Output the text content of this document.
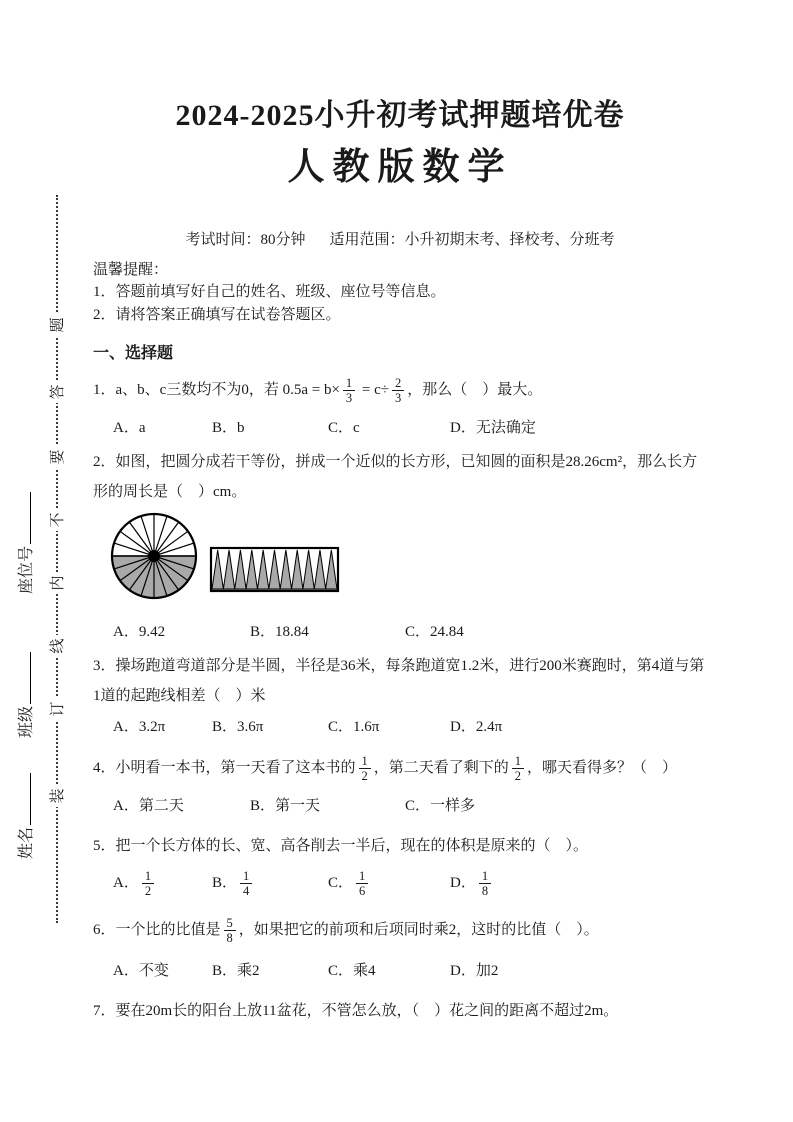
题
答
要
不
内
线
订
装
座位号
班级
姓名
2024-2025小升初考试押题培优卷
人教版数学
考试时间：80分钟 适用范围：小升初期末考、择校考、分班考
温馨提醒：
1．答题前填写好自己的姓名、班级、座位号等信息。
2．请将答案正确填写在试卷答题区。
一、选择题
1．a、b、c三数均不为0，若 $0.5a = b\times \frac{1}{3} = c\div \frac{2}{3}$ ，那么（　）最大。
A．a	B．b	C．c	D．无法确定
2．如图，把圆分成若干等份，拼成一个近似的长方形，已知圆的面积是28.26cm²，那么长方形的周长是（　）cm。
A．9.42	B．18.84	C．24.84
3．操场跑道弯道部分是半圆，半径是36米，每条跑道宽1.2米，进行200米赛跑时，第4道与第1道的起跑线相差（　）米
A．3.2π	B．3.6π	C．1.6π	D．2.4π
4．小明看一本书，第一天看了这本书的 $\frac{1}{2}$ ，第二天看了剩下的 $\frac{1}{2}$ ，哪天看得多？（　）
A．第二天	B．第一天	C．一样多
5．把一个长方体的长、宽、高各削去一半后，现在的体积是原来的（　）。
A． $\frac{1}{2}$	B． $\frac{1}{4}$	C． $\frac{1}{6}$	D． $\frac{1}{8}$
6．一个比的比值是 $\frac{5}{8}$ ，如果把它的前项和后项同时乘2，这时的比值（　）。
A．不变	B．乘2	C．乘4	D．加2
7．要在20m长的阳台上放11盆花，不管怎么放，（　）花之间的距离不超过2m。
